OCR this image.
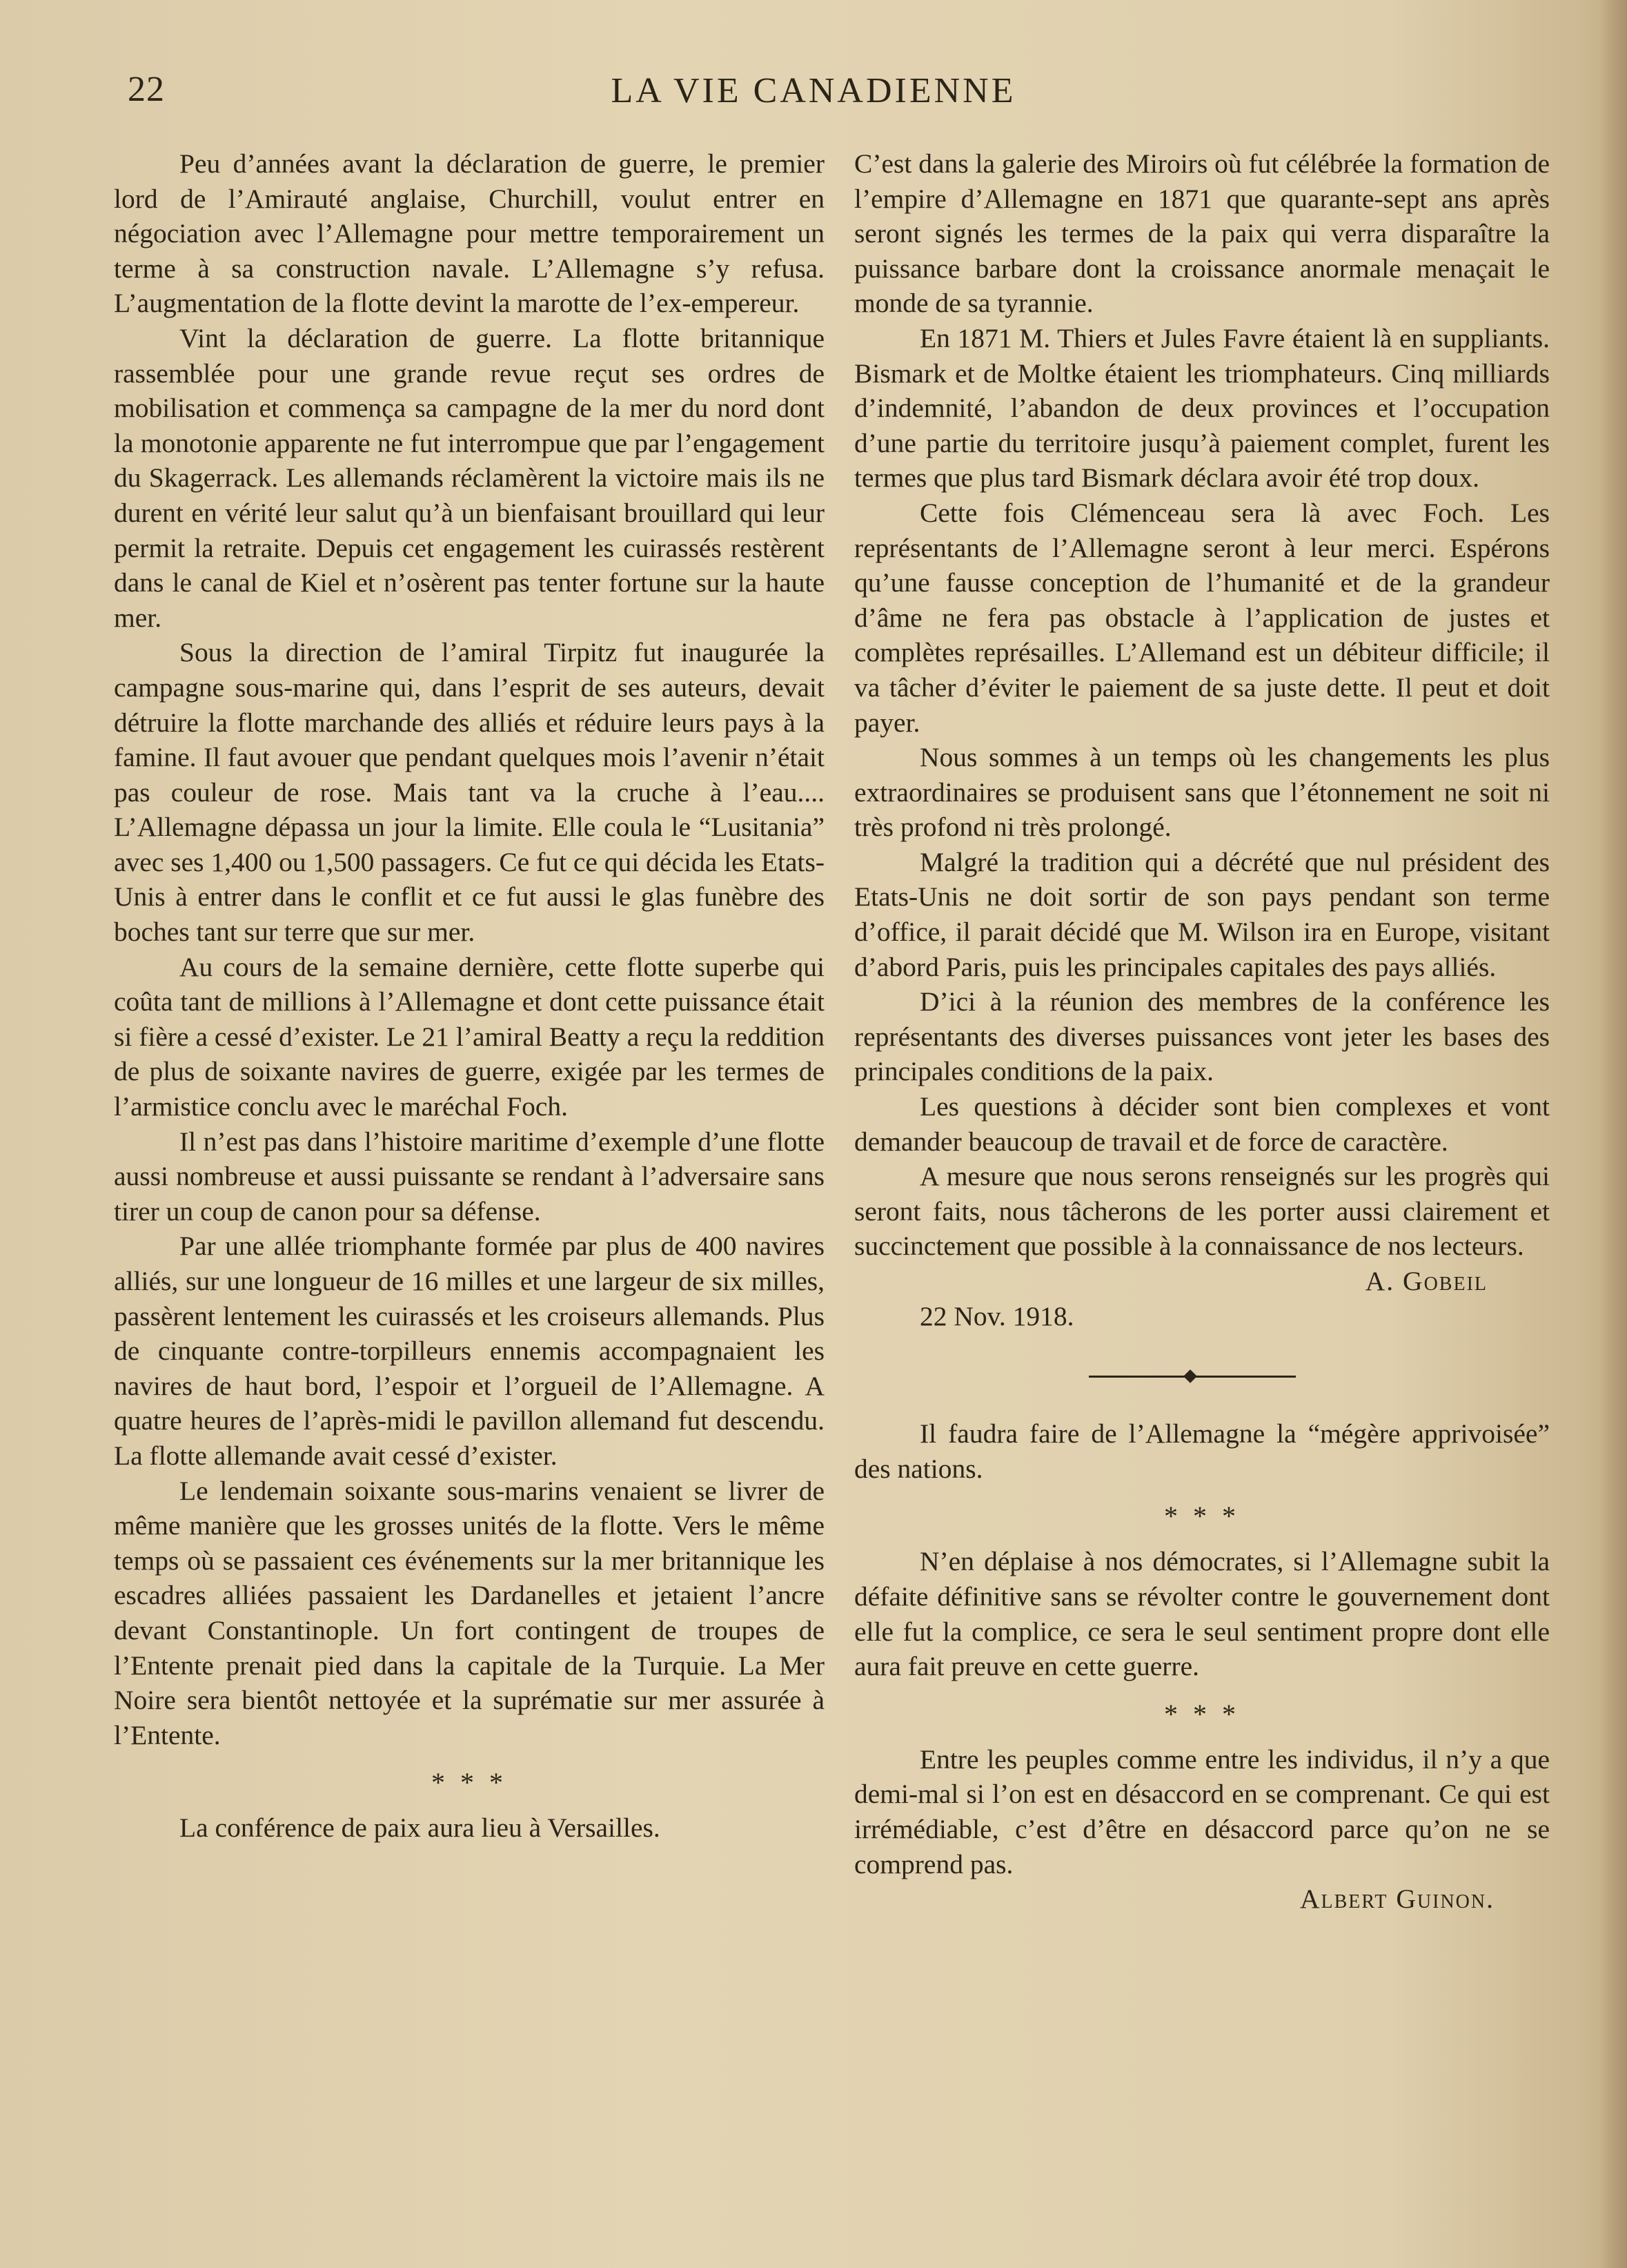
22	LA VIE CANADIENNE

Peu d’années avant la déclaration de guerre, le premier lord de l’Amirauté anglaise, Churchill, voulut entrer en négociation avec l’Allemagne pour mettre temporairement un terme à sa construction navale. L’Allemagne s’y refusa. L’augmentation de la flotte devint la marotte de l’ex-empereur.

Vint la déclaration de guerre. La flotte britannique rassemblée pour une grande revue reçut ses ordres de mobilisation et commença sa campagne de la mer du nord dont la monotonie apparente ne fut interrompue que par l’engagement du Skagerrack. Les allemands réclamèrent la victoire mais ils ne durent en vérité leur salut qu’à un bienfaisant brouillard qui leur permit la retraite. Depuis cet engagement les cuirassés restèrent dans le canal de Kiel et n’osèrent pas tenter fortune sur la haute mer.

Sous la direction de l’amiral Tirpitz fut inaugurée la campagne sous-marine qui, dans l’esprit de ses auteurs, devait détruire la flotte marchande des alliés et réduire leurs pays à la famine. Il faut avouer que pendant quelques mois l’avenir n’était pas couleur de rose. Mais tant va la cruche à l’eau.... L’Allemagne dépassa un jour la limite. Elle coula le “Lusitania” avec ses 1,400 ou 1,500 passagers. Ce fut ce qui décida les Etats-Unis à entrer dans le conflit et ce fut aussi le glas funèbre des boches tant sur terre que sur mer.

Au cours de la semaine dernière, cette flotte superbe qui coûta tant de millions à l’Allemagne et dont cette puissance était si fière a cessé d’exister. Le 21 l’amiral Beatty a reçu la reddition de plus de soixante navires de guerre, exigée par les termes de l’armistice conclu avec le maréchal Foch.

Il n’est pas dans l’histoire maritime d’exemple d’une flotte aussi nombreuse et aussi puissante se rendant à l’adversaire sans tirer un coup de canon pour sa défense.

Par une allée triomphante formée par plus de 400 navires alliés, sur une longueur de 16 milles et une largeur de six milles, passèrent lentement les cuirassés et les croiseurs allemands. Plus de cinquante contre-torpilleurs ennemis accompagnaient les navires de haut bord, l’espoir et l’orgueil de l’Allemagne. A quatre heures de l’après-midi le pavillon allemand fut descendu. La flotte allemande avait cessé d’exister.

Le lendemain soixante sous-marins venaient se livrer de même manière que les grosses unités de la flotte. Vers le même temps où se passaient ces événements sur la mer britannique les escadres alliées passaient les Dardanelles et jetaient l’ancre devant Constantinople. Un fort contingent de troupes de l’Entente prenait pied dans la capitale de la Turquie. La Mer Noire sera bientôt nettoyée et la suprématie sur mer assurée à l’Entente.

* * *

La conférence de paix aura lieu à Versailles.

C’est dans la galerie des Miroirs où fut célébrée la formation de l’empire d’Allemagne en 1871 que quarante-sept ans après seront signés les termes de la paix qui verra disparaître la puissance barbare dont la croissance anormale menaçait le monde de sa tyrannie.

En 1871 M. Thiers et Jules Favre étaient là en suppliants. Bismark et de Moltke étaient les triomphateurs. Cinq milliards d’indemnité, l’abandon de deux provinces et l’occupation d’une partie du territoire jusqu’à paiement complet, furent les termes que plus tard Bismark déclara avoir été trop doux.

Cette fois Clémenceau sera là avec Foch. Les représentants de l’Allemagne seront à leur merci. Espérons qu’une fausse conception de l’humanité et de la grandeur d’âme ne fera pas obstacle à l’application de justes et complètes représailles. L’Allemand est un débiteur difficile; il va tâcher d’éviter le paiement de sa juste dette. Il peut et doit payer.

Nous sommes à un temps où les changements les plus extraordinaires se produisent sans que l’étonnement ne soit ni très profond ni très prolongé.

Malgré la tradition qui a décrété que nul président des Etats-Unis ne doit sortir de son pays pendant son terme d’office, il parait décidé que M. Wilson ira en Europe, visitant d’abord Paris, puis les principales capitales des pays alliés.

D’ici à la réunion des membres de la conférence les représentants des diverses puissances vont jeter les bases des principales conditions de la paix.

Les questions à décider sont bien complexes et vont demander beaucoup de travail et de force de caractère.

A mesure que nous serons renseignés sur les progrès qui seront faits, nous tâcherons de les porter aussi clairement et succinctement que possible à la connaissance de nos lecteurs.

A. Gobeil

22 Nov. 1918.

Il faudra faire de l’Allemagne la “mégère apprivoisée” des nations.

* * *

N’en déplaise à nos démocrates, si l’Allemagne subit la défaite définitive sans se révolter contre le gouvernement dont elle fut la complice, ce sera le seul sentiment propre dont elle aura fait preuve en cette guerre.

* * *

Entre les peuples comme entre les individus, il n’y a que demi-mal si l’on est en désaccord en se comprenant. Ce qui est irrémédiable, c’est d’être en désaccord parce qu’on ne se comprend pas.

Albert Guinon.
